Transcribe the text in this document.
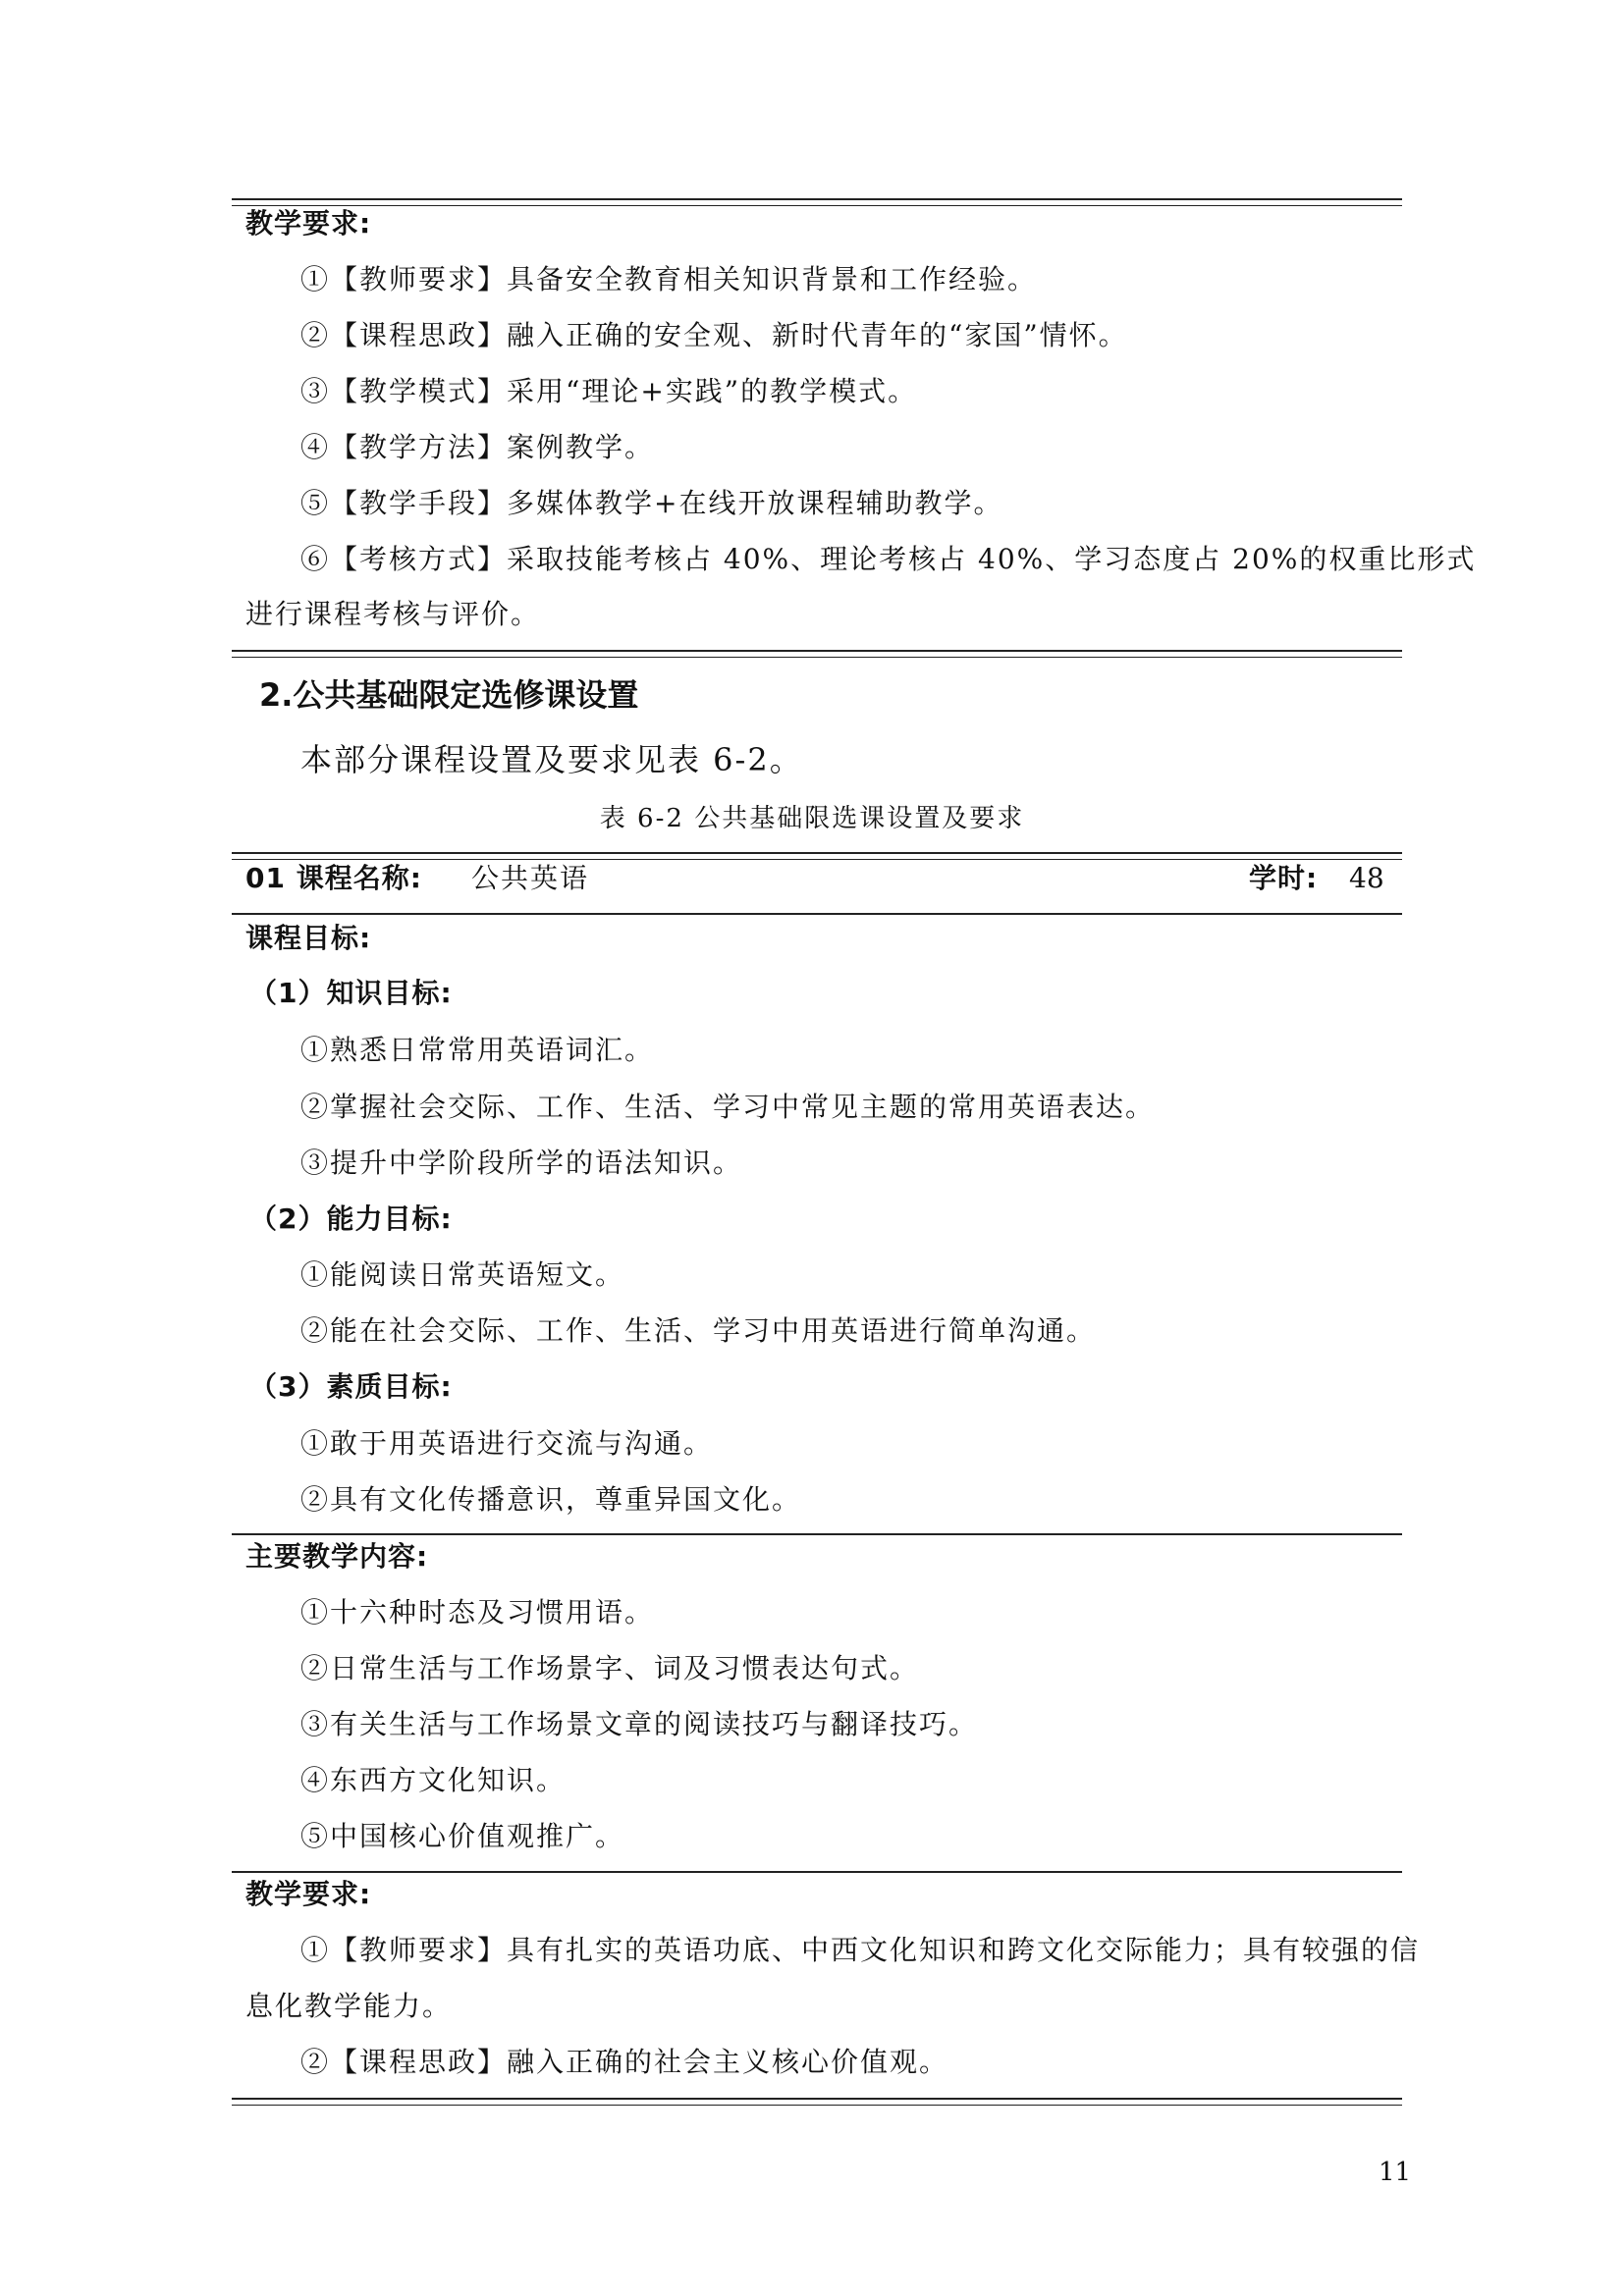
教学要求:
①【教师要求】具备安全教育相关知识背景和工作经验。
②【课程思政】融入正确的安全观、新时代青年的“家国”情怀。
③【教学模式】采用“理论+实践”的教学模式。
④【教学方法】案例教学。
⑤【教学手段】多媒体教学+在线开放课程辅助教学。
⑥【考核方式】采取技能考核占 40%、理论考核占 40%、学习态度占 20%的权重比形式
进行课程考核与评价。
2.公共基础限定选修课设置
本部分课程设置及要求见表 6-2。
表 6-2 公共基础限选课设置及要求
01 课程名称: 公共英语	学时: 48
课程目标:
（1）知识目标:
①熟悉日常常用英语词汇。
②掌握社会交际、工作、生活、学习中常见主题的常用英语表达。
③提升中学阶段所学的语法知识。
（2）能力目标:
①能阅读日常英语短文。
②能在社会交际、工作、生活、学习中用英语进行简单沟通。
（3）素质目标:
①敢于用英语进行交流与沟通。
②具有文化传播意识，尊重异国文化。
主要教学内容:
①十六种时态及习惯用语。
②日常生活与工作场景字、词及习惯表达句式。
③有关生活与工作场景文章的阅读技巧与翻译技巧。
④东西方文化知识。
⑤中国核心价值观推广。
教学要求:
①【教师要求】具有扎实的英语功底、中西文化知识和跨文化交际能力；具有较强的信
息化教学能力。
②【课程思政】融入正确的社会主义核心价值观。
11
